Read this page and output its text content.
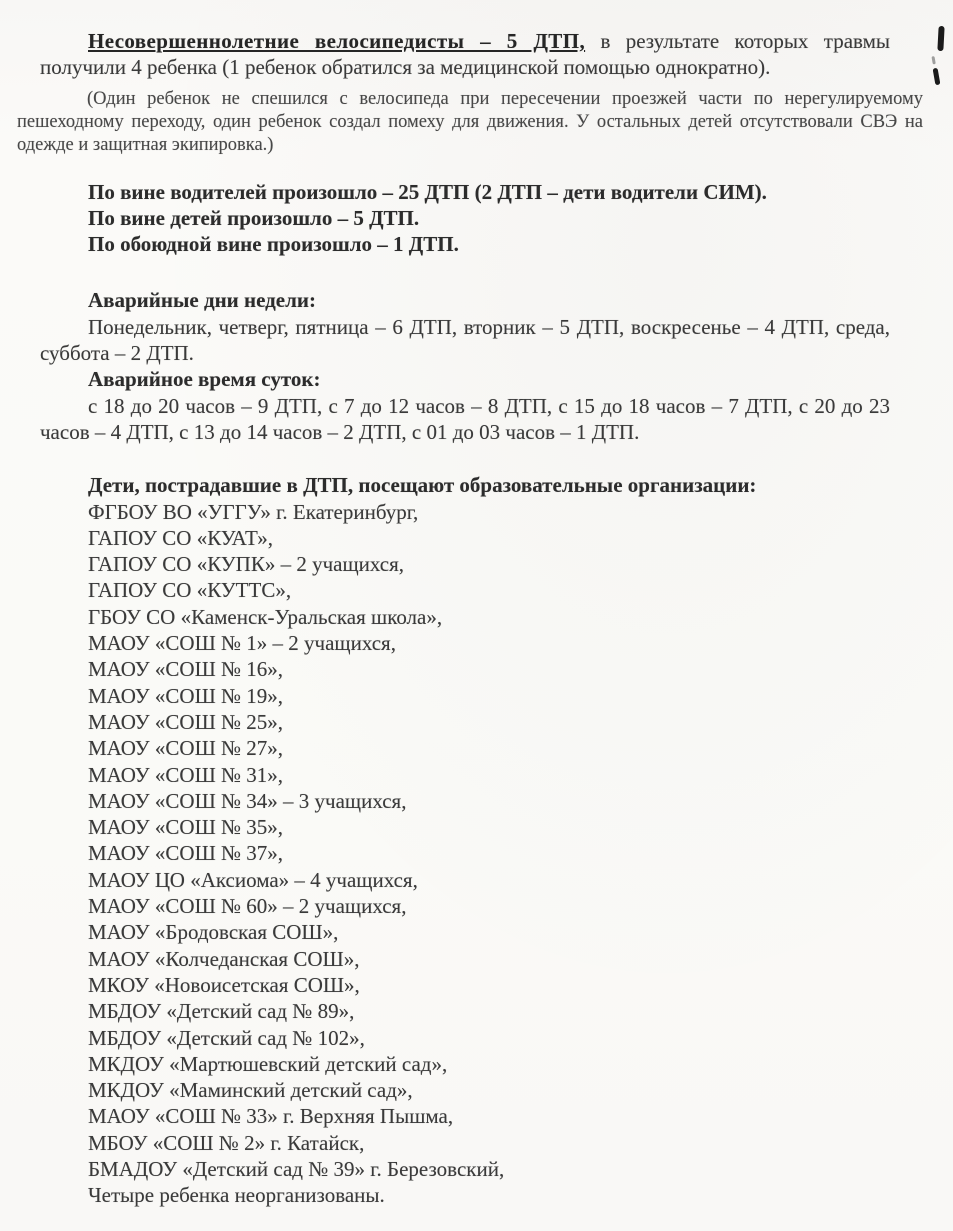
Несовершеннолетние велосипедисты – 5 ДТП, в результате которых травмы получили 4 ребенка (1 ребенок обратился за медицинской помощью однократно).

(Один ребенок не спешился с велосипеда при пересечении проезжей части по нерегулируемому пешеходному переходу, один ребенок создал помеху для движения. У остальных детей отсутствовали СВЭ на одежде и защитная экипировка.)

По вине водителей произошло – 25 ДТП (2 ДТП – дети водители СИМ).

По вине детей произошло – 5 ДТП.

По обоюдной вине произошло – 1 ДТП.

Аварийные дни недели:

Понедельник, четверг, пятница – 6 ДТП, вторник – 5 ДТП, воскресенье – 4 ДТП, среда, суббота – 2 ДТП.

Аварийное время суток:

с 18 до 20 часов – 9 ДТП, с 7 до 12 часов – 8 ДТП, с 15 до 18 часов – 7 ДТП, с 20 до 23 часов – 4 ДТП, с 13 до 14 часов – 2 ДТП, с 01 до 03 часов – 1 ДТП.

Дети, пострадавшие в ДТП, посещают образовательные организации:

ФГБОУ ВО «УГГУ» г. Екатеринбург,

ГАПОУ СО «КУАТ»,

ГАПОУ СО «КУПК» – 2 учащихся,

ГАПОУ СО «КУТТС»,

ГБОУ СО «Каменск-Уральская школа»,

МАОУ «СОШ № 1» – 2 учащихся,

МАОУ «СОШ № 16»,

МАОУ «СОШ № 19»,

МАОУ «СОШ № 25»,

МАОУ «СОШ № 27»,

МАОУ «СОШ № 31»,

МАОУ «СОШ № 34» – 3 учащихся,

МАОУ «СОШ № 35»,

МАОУ «СОШ № 37»,

МАОУ ЦО «Аксиома» – 4 учащихся,

МАОУ «СОШ № 60» – 2 учащихся,

МАОУ «Бродовская СОШ»,

МАОУ «Колчеданская СОШ»,

МКОУ «Новоисетская СОШ»,

МБДОУ «Детский сад № 89»,

МБДОУ «Детский сад № 102»,

МКДОУ «Мартюшевский детский сад»,

МКДОУ «Маминский детский сад»,

МАОУ «СОШ № 33» г. Верхняя Пышма,

МБОУ «СОШ № 2» г. Катайск,

БМАДОУ «Детский сад № 39» г. Березовский,

Четыре ребенка неорганизованы.
